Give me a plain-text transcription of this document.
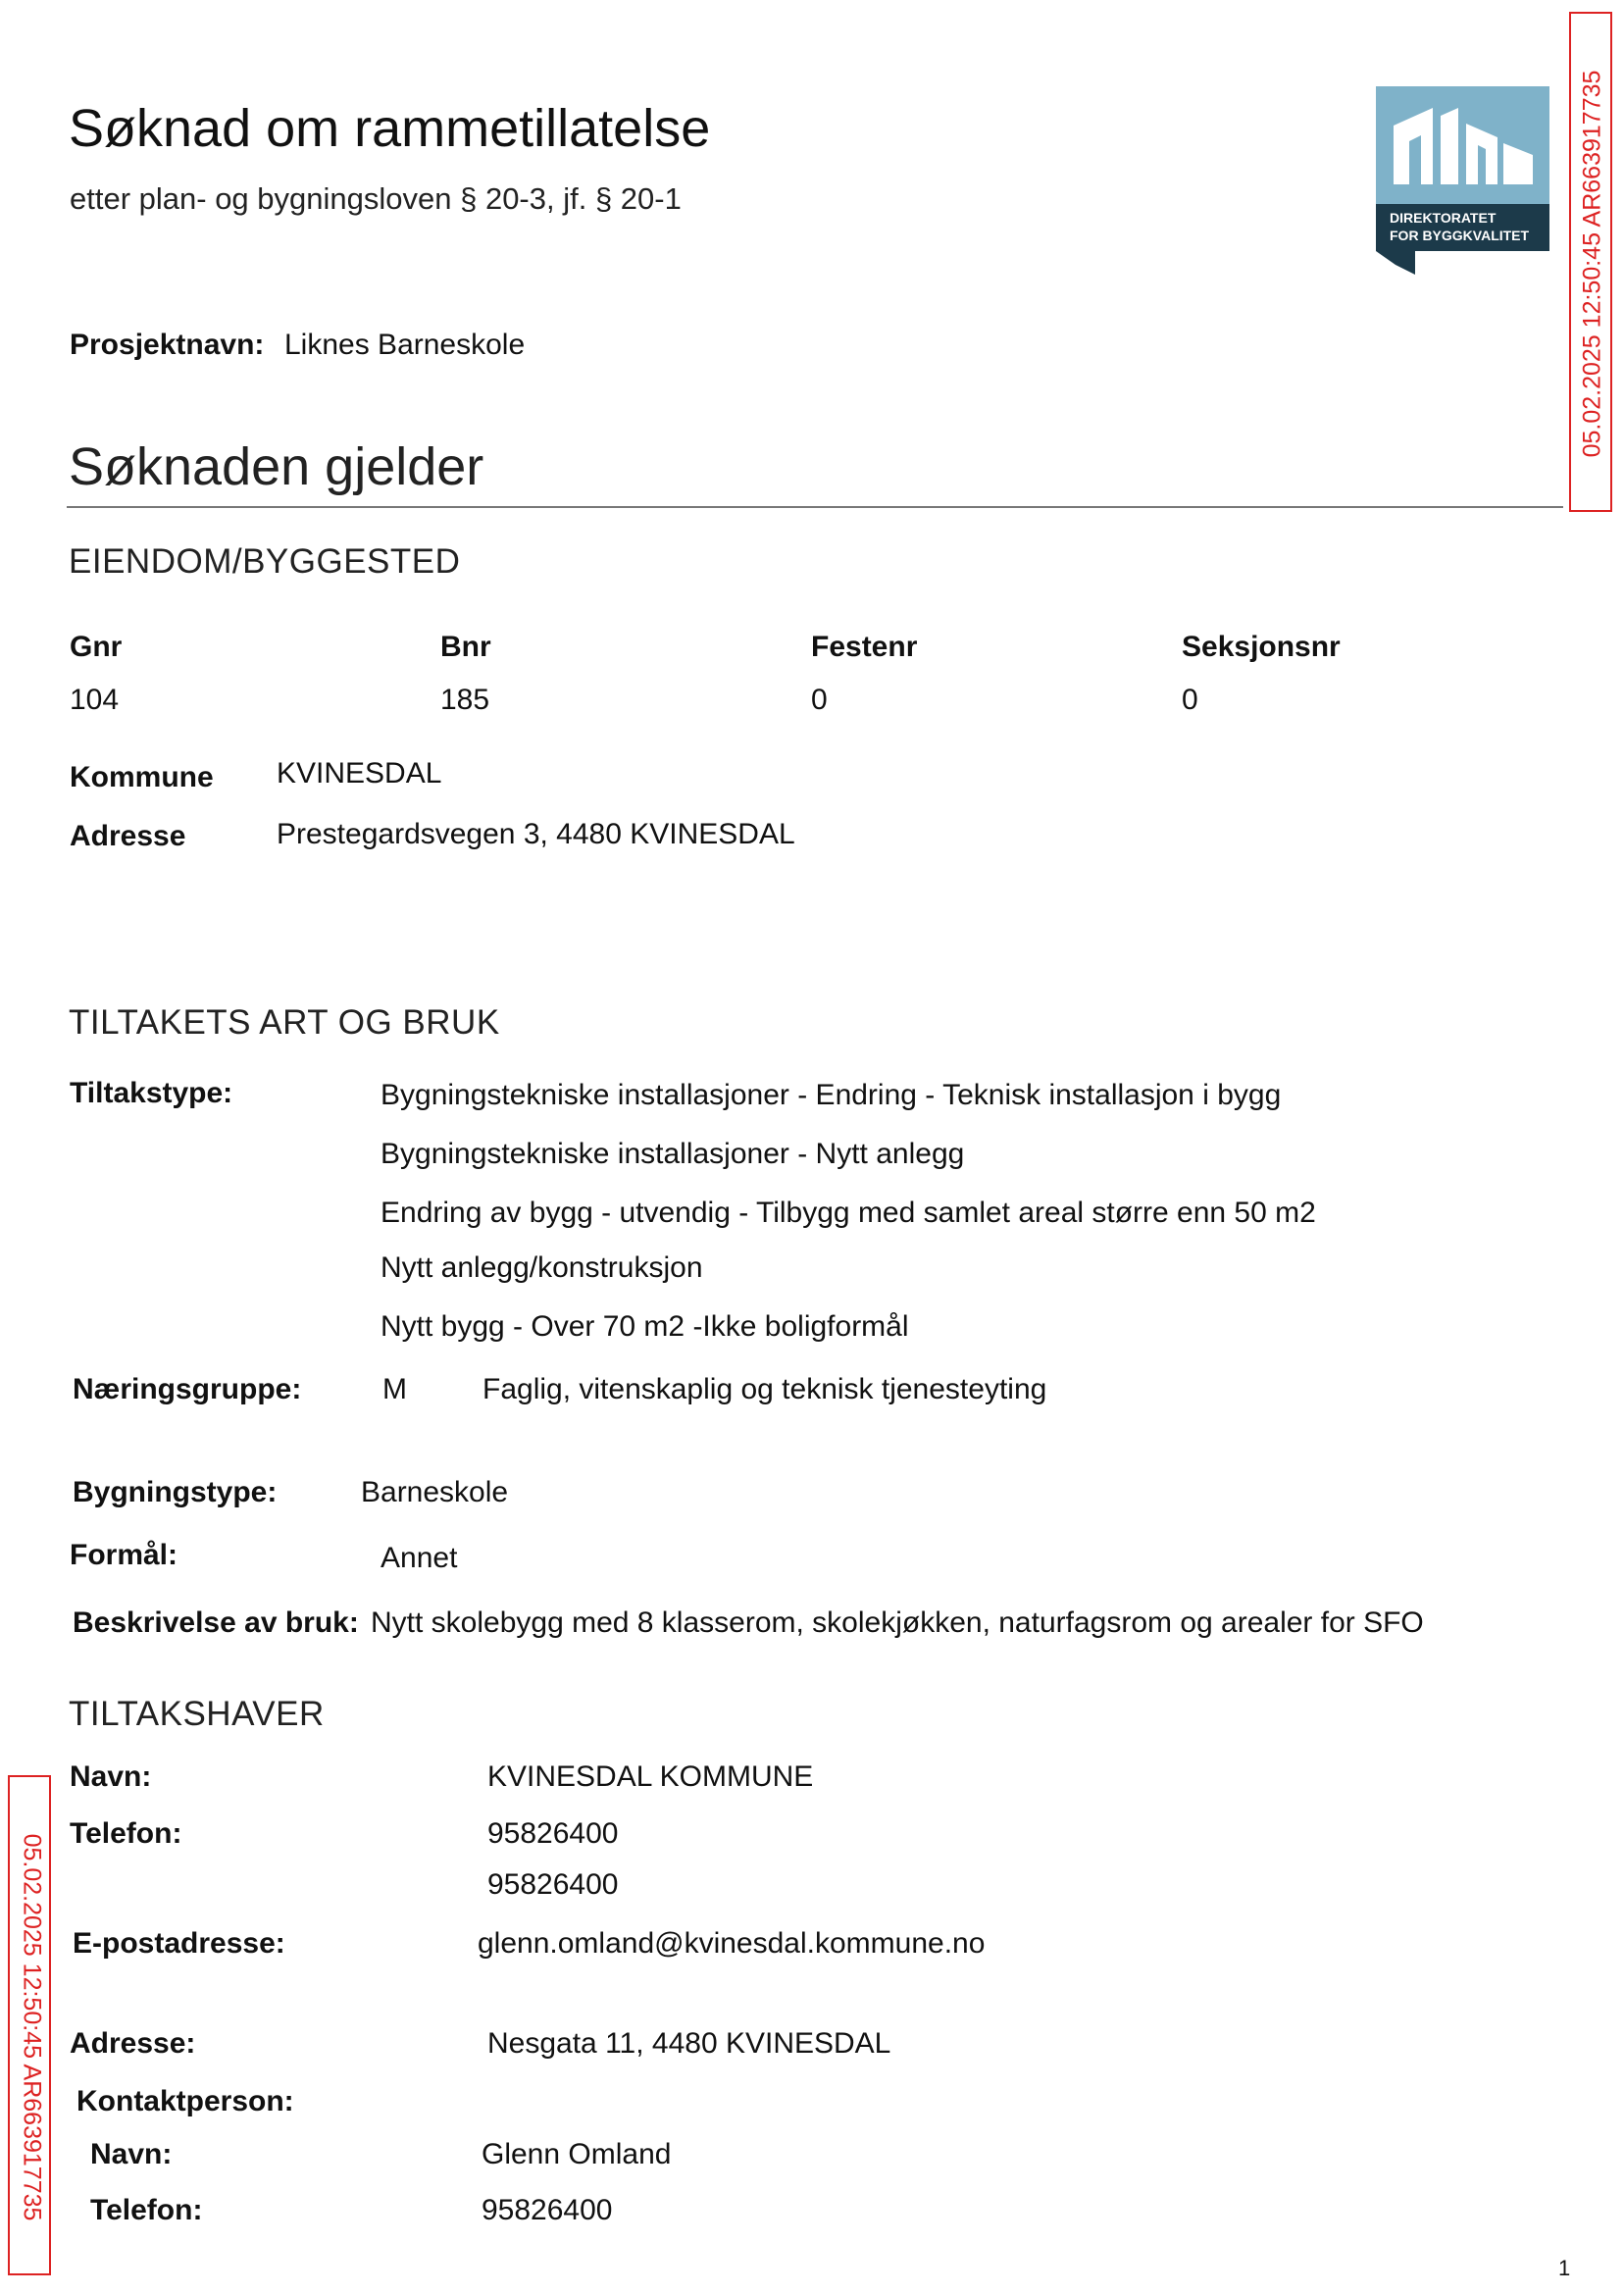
Søknad om rammetillatelse
etter plan- og bygningsloven § 20-3, jf. § 20-1
DIREKTORATET
FOR BYGGKVALITET 05.02.2025 12:50:45 AR663917735
Prosjektnavn: Liknes Barneskole
Søknaden gjelder
EIENDOM/BYGGESTED
Gnr	Bnr	Festenr	Seksjonsnr
104	185	0	0
Kommune KVINESDAL
Adresse	Prestegardsvegen 3, 4480 KVINESDAL
TILTAKETS ART OG BRUK
Tiltakstype:	Bygningstekniske installasjoner - Endring - Teknisk installasjon i bygg
Bygningstekniske installasjoner - Nytt anlegg
Endring av bygg - utvendig - Tilbygg med samlet areal større enn 50 m2
Nytt anlegg/konstruksjon
Nytt bygg - Over 70 m2 -Ikke boligformål
Næringsgruppe:	M	Faglig, vitenskaplig og teknisk tjenesteyting
Bygningstype:	Barneskole
Formål:	Annet
Beskrivelse av bruk: Nytt skolebygg med 8 klasserom, skolekjøkken, naturfagsrom og arealer for SFO
TILTAKSHAVER
Navn:	KVINESDAL KOMMUNE
Telefon:	95826400
95826400
E-postadresse:	glenn.omland@kvinesdal.kommune.no
Adresse:	Nesgata 11, 4480 KVINESDAL
Kontaktperson:
Navn:	Glenn Omland
Telefon:	95826400
05.02.2025 12:50:45 AR663917735
1
